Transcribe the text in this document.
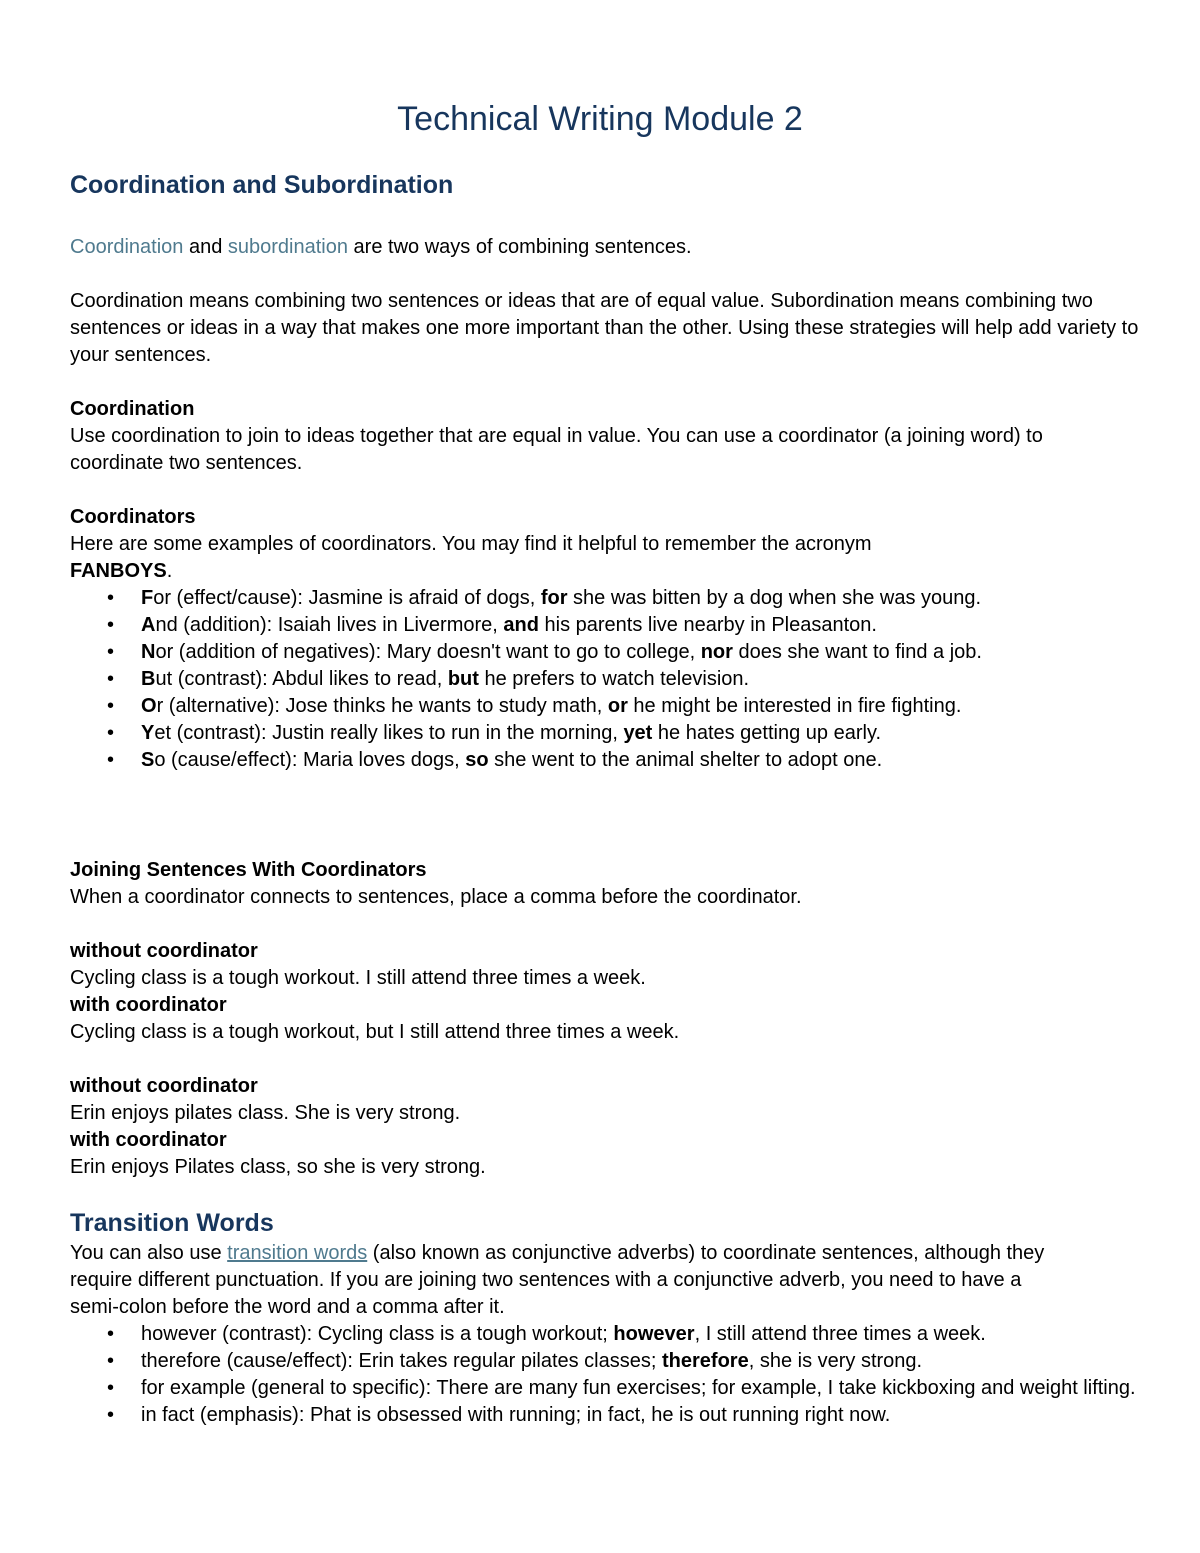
Technical Writing Module 2
Coordination and Subordination

Coordination and subordination are two ways of combining sentences.

Coordination means combining two sentences or ideas that are of equal value. Subordination means combining two sentences or ideas in a way that makes one more important than the other. Using these strategies will help add variety to your sentences.

Coordination

Use coordination to join to ideas together that are equal in value. You can use a coordinator (a joining word) to coordinate two sentences.

Coordinators

Here are some examples of coordinators. You may find it helpful to remember the acronym FANBOYS.

• For (effect/cause): Jasmine is afraid of dogs, for she was bitten by a dog when she was young.
• And (addition): Isaiah lives in Livermore, and his parents live nearby in Pleasanton.
• Nor (addition of negatives): Mary doesn't want to go to college, nor does she want to find a job.
• But (contrast): Abdul likes to read, but he prefers to watch television.
• Or (alternative): Jose thinks he wants to study math, or he might be interested in fire fighting.
• Yet (contrast): Justin really likes to run in the morning, yet he hates getting up early.
• So (cause/effect): Maria loves dogs, so she went to the animal shelter to adopt one.

Joining Sentences With Coordinators

When a coordinator connects to sentences, place a comma before the coordinator.

without coordinator

Cycling class is a tough workout. I still attend three times a week.

with coordinator

Cycling class is a tough workout, but I still attend three times a week.

without coordinator

Erin enjoys pilates class. She is very strong.

with coordinator

Erin enjoys Pilates class, so she is very strong.

Transition Words

You can also use transition words (also known as conjunctive adverbs) to coordinate sentences, although they require different punctuation. If you are joining two sentences with a conjunctive adverb, you need to have a semi-colon before the word and a comma after it.

• however (contrast): Cycling class is a tough workout; however, I still attend three times a week.
• therefore (cause/effect): Erin takes regular pilates classes; therefore, she is very strong.
• for example (general to specific): There are many fun exercises; for example, I take kickboxing and weight lifting.
• in fact (emphasis): Phat is obsessed with running; in fact, he is out running right now.
